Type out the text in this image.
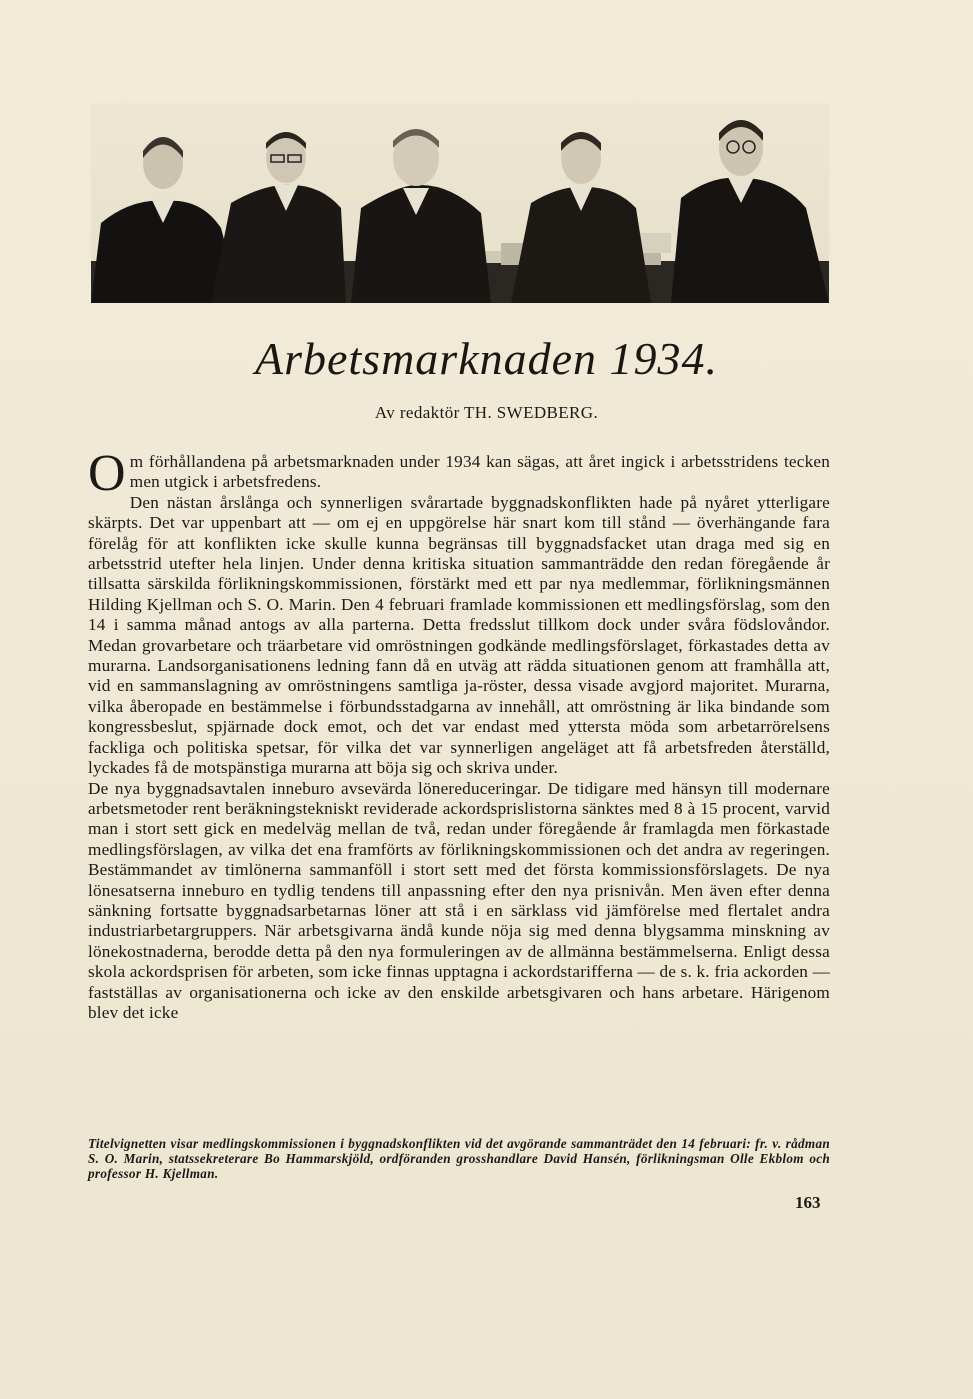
Arbetsmarknaden 1934.
Av redaktör TH. SWEDBERG.

Om förhållandena på arbetsmarknaden under 1934 kan sägas, att året ingick i arbetsstridens tecken men utgick i arbetsfredens.

Den nästan årslånga och synnerligen svårartade byggnadskonflikten hade på nyåret ytterligare skärpts. Det var uppenbart att — om ej en uppgörelse här snart kom till stånd — överhängande fara förelåg för att konflikten icke skulle kunna begränsas till byggnadsfacket utan draga med sig en arbetsstrid utefter hela linjen. Under denna kritiska situation sammanträdde den redan föregående år tillsatta särskilda förlikningskommissionen, förstärkt med ett par nya medlemmar, förlikningsmännen Hilding Kjellman och S. O. Marin. Den 4 februari framlade kommissionen ett medlingsförslag, som den 14 i samma månad antogs av alla parterna. Detta fredsslut tillkom dock under svåra födslovåndor. Medan grovarbetare och träarbetare vid omröstningen godkände medlingsförslaget, förkastades detta av murarna. Landsorganisationens ledning fann då en utväg att rädda situationen genom att framhålla att, vid en sammanslagning av omröstningens samtliga ja-röster, dessa visade avgjord majoritet. Murarna, vilka åberopade en bestämmelse i förbundsstadgarna av innehåll, att omröstning är lika bindande som kongressbeslut, spjärnade dock emot, och det var endast med yttersta möda som arbetarrörelsens fackliga och politiska spetsar, för vilka det var synnerligen angeläget att få arbetsfreden återställd, lyckades få de motspänstiga murarna att böja sig och skriva under.

De nya byggnadsavtalen inneburo avsevärda lönereduceringar. De tidigare med hänsyn till modernare arbetsmetoder rent beräkningstekniskt reviderade ackordsprislistorna sänktes med 8 à 15 procent, varvid man i stort sett gick en medelväg mellan de två, redan under föregående år framlagda men förkastade medlingsförslagen, av vilka det ena framförts av förlikningskommissionen och det andra av regeringen. Bestämmandet av timlönerna sammanföll i stort sett med det första kommissionsförslagets. De nya lönesatserna inneburo en tydlig tendens till anpassning efter den nya prisnivån. Men även efter denna sänkning fortsatte byggnadsarbetarnas löner att stå i en särklass vid jämförelse med flertalet andra industriarbetargruppers. När arbetsgivarna ändå kunde nöja sig med denna blygsamma minskning av lönekostnaderna, berodde detta på den nya formuleringen av de allmänna bestämmelserna. Enligt dessa skola ackordsprisen för arbeten, som icke finnas upptagna i ackordstarifferna — de s. k. fria ackorden — fastställas av organisationerna och icke av den enskilde arbetsgivaren och hans arbetare. Härigenom blev det icke

Titelvignetten visar medlingskommissionen i byggnadskonflikten vid det avgörande sammanträdet den 14 februari: fr. v. rådman S. O. Marin, statssekreterare Bo Hammarskjöld, ordföranden grosshandlare David Hansén, förlikningsman Olle Ekblom och professor H. Kjellman.
163
